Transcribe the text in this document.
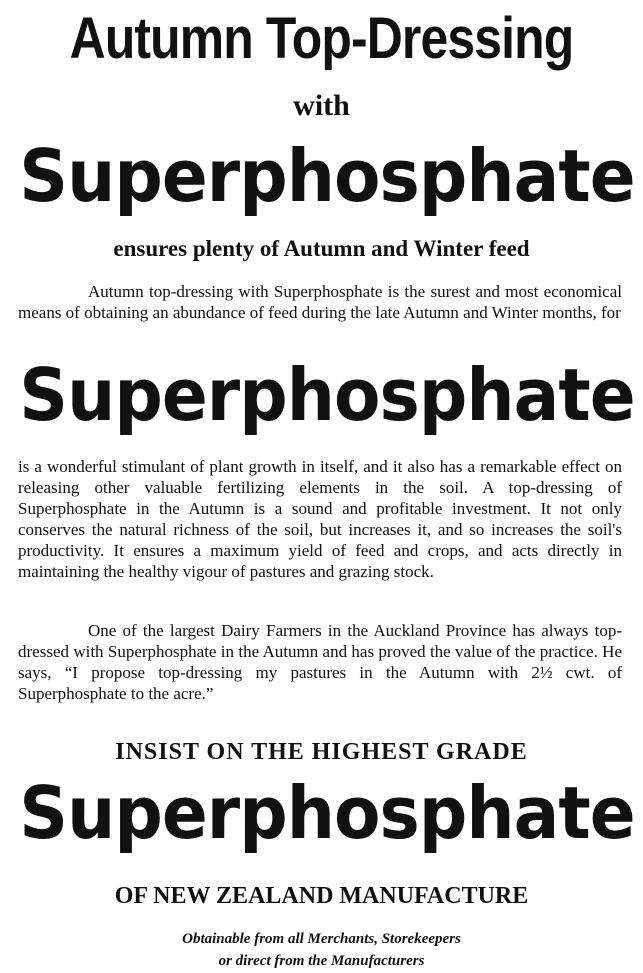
Autumn Top-Dressing
with
Superphosphate
ensures plenty of Autumn and Winter feed
Autumn top-dressing with Superphosphate is the surest and most economical means of obtaining an abundance of feed during the late Autumn and Winter months, for
Superphosphate
is a wonderful stimulant of plant growth in itself, and it also has a remarkable effect on releasing other valuable fertilizing elements in the soil. A top-dressing of Superphosphate in the Autumn is a sound and profitable investment. It not only conserves the natural richness of the soil, but increases it, and so increases the soil's productivity. It ensures a maximum yield of feed and crops, and acts directly in maintaining the healthy vigour of pastures and grazing stock.
One of the largest Dairy Farmers in the Auckland Province has always top-dressed with Superphosphate in the Autumn and has proved the value of the practice. He says, “I propose top-dressing my pastures in the Autumn with 2½ cwt. of Superphosphate to the acre.”
INSIST ON THE HIGHEST GRADE
Superphosphate
OF NEW ZEALAND MANUFACTURE
Obtainable from all Merchants, Storekeepers
or direct from the Manufacturers
